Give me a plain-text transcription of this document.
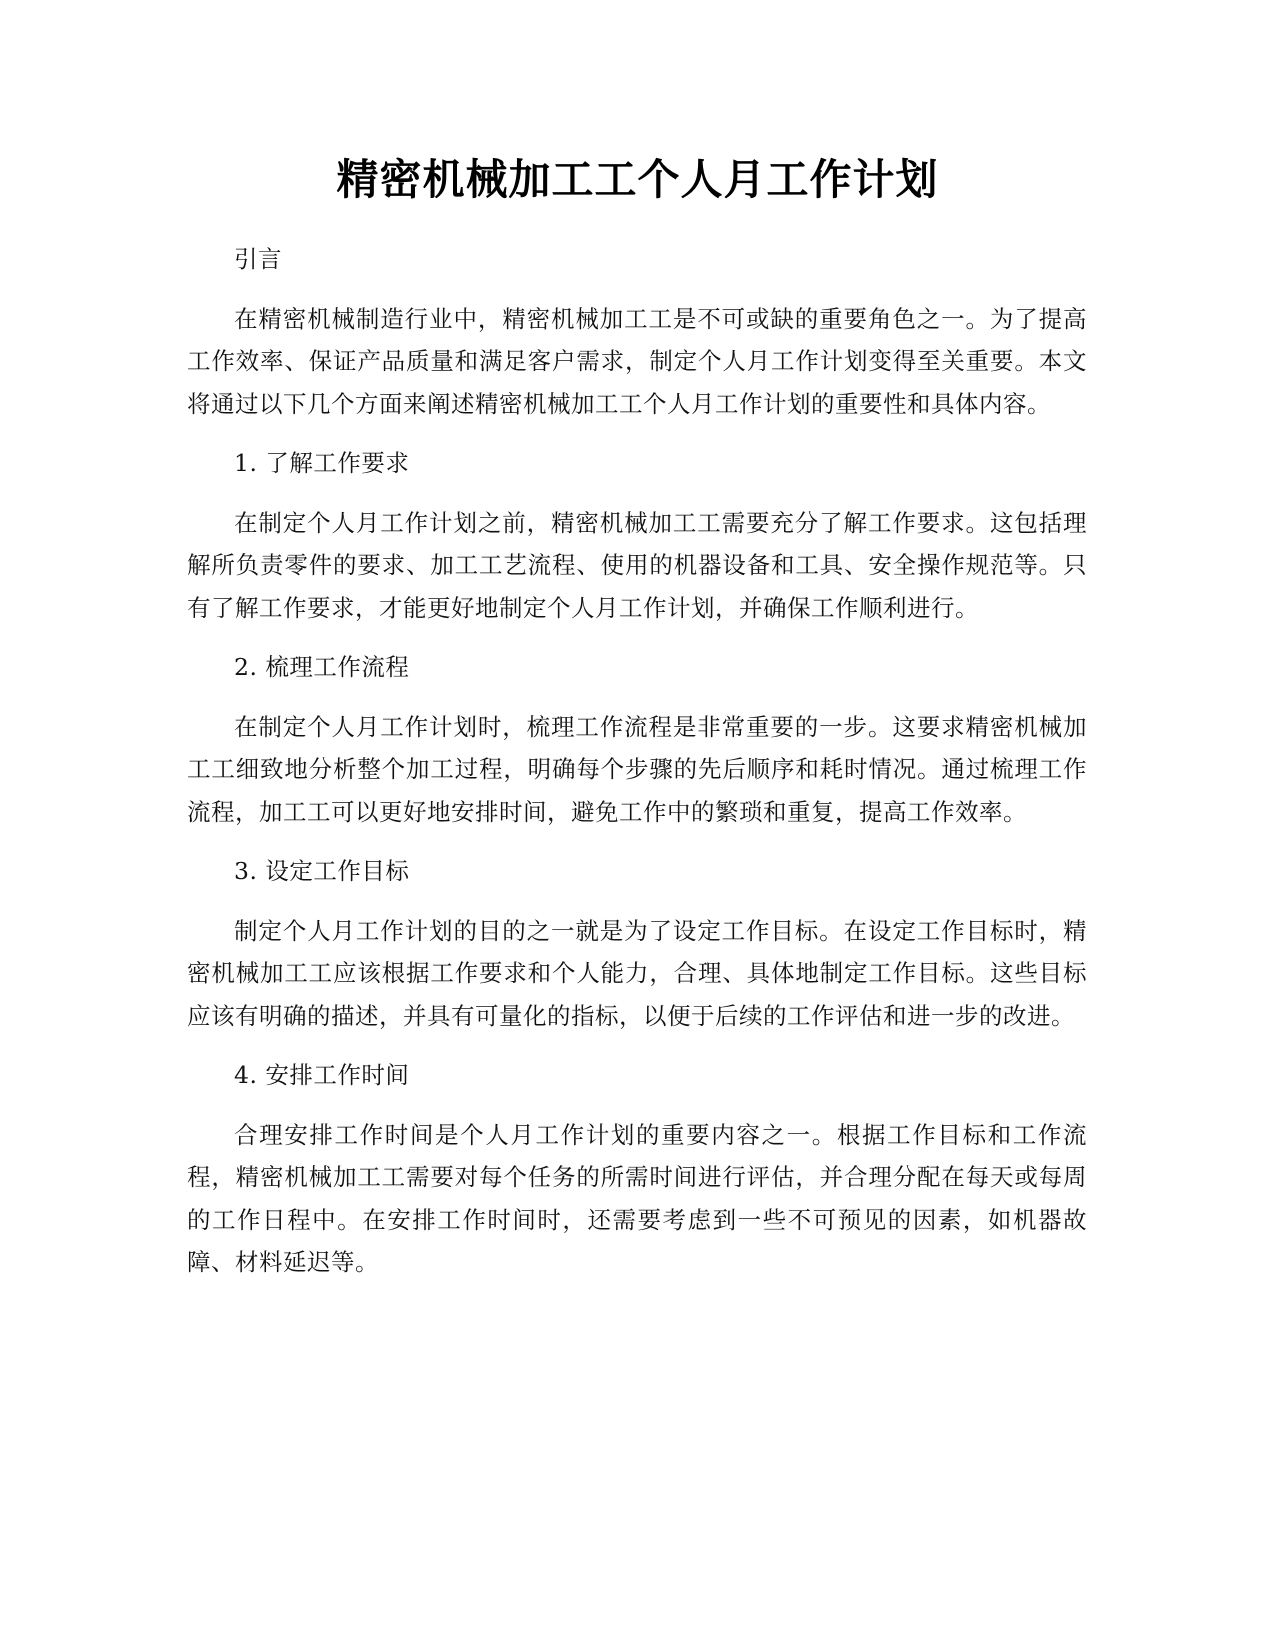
精密机械加工工个人月工作计划

引言

在精密机械制造行业中，精密机械加工工是不可或缺的重要角色之一。为了提高工作效率、保证产品质量和满足客户需求，制定个人月工作计划变得至关重要。本文将通过以下几个方面来阐述精密机械加工工个人月工作计划的重要性和具体内容。

1. 了解工作要求

在制定个人月工作计划之前，精密机械加工工需要充分了解工作要求。这包括理解所负责零件的要求、加工工艺流程、使用的机器设备和工具、安全操作规范等。只有了解工作要求，才能更好地制定个人月工作计划，并确保工作顺利进行。

2. 梳理工作流程

在制定个人月工作计划时，梳理工作流程是非常重要的一步。这要求精密机械加工工细致地分析整个加工过程，明确每个步骤的先后顺序和耗时情况。通过梳理工作流程，加工工可以更好地安排时间，避免工作中的繁琐和重复，提高工作效率。

3. 设定工作目标

制定个人月工作计划的目的之一就是为了设定工作目标。在设定工作目标时，精密机械加工工应该根据工作要求和个人能力，合理、具体地制定工作目标。这些目标应该有明确的描述，并具有可量化的指标，以便于后续的工作评估和进一步的改进。

4. 安排工作时间

合理安排工作时间是个人月工作计划的重要内容之一。根据工作目标和工作流程，精密机械加工工需要对每个任务的所需时间进行评估，并合理分配在每天或每周的工作日程中。在安排工作时间时，还需要考虑到一些不可预见的因素，如机器故障、材料延迟等。
